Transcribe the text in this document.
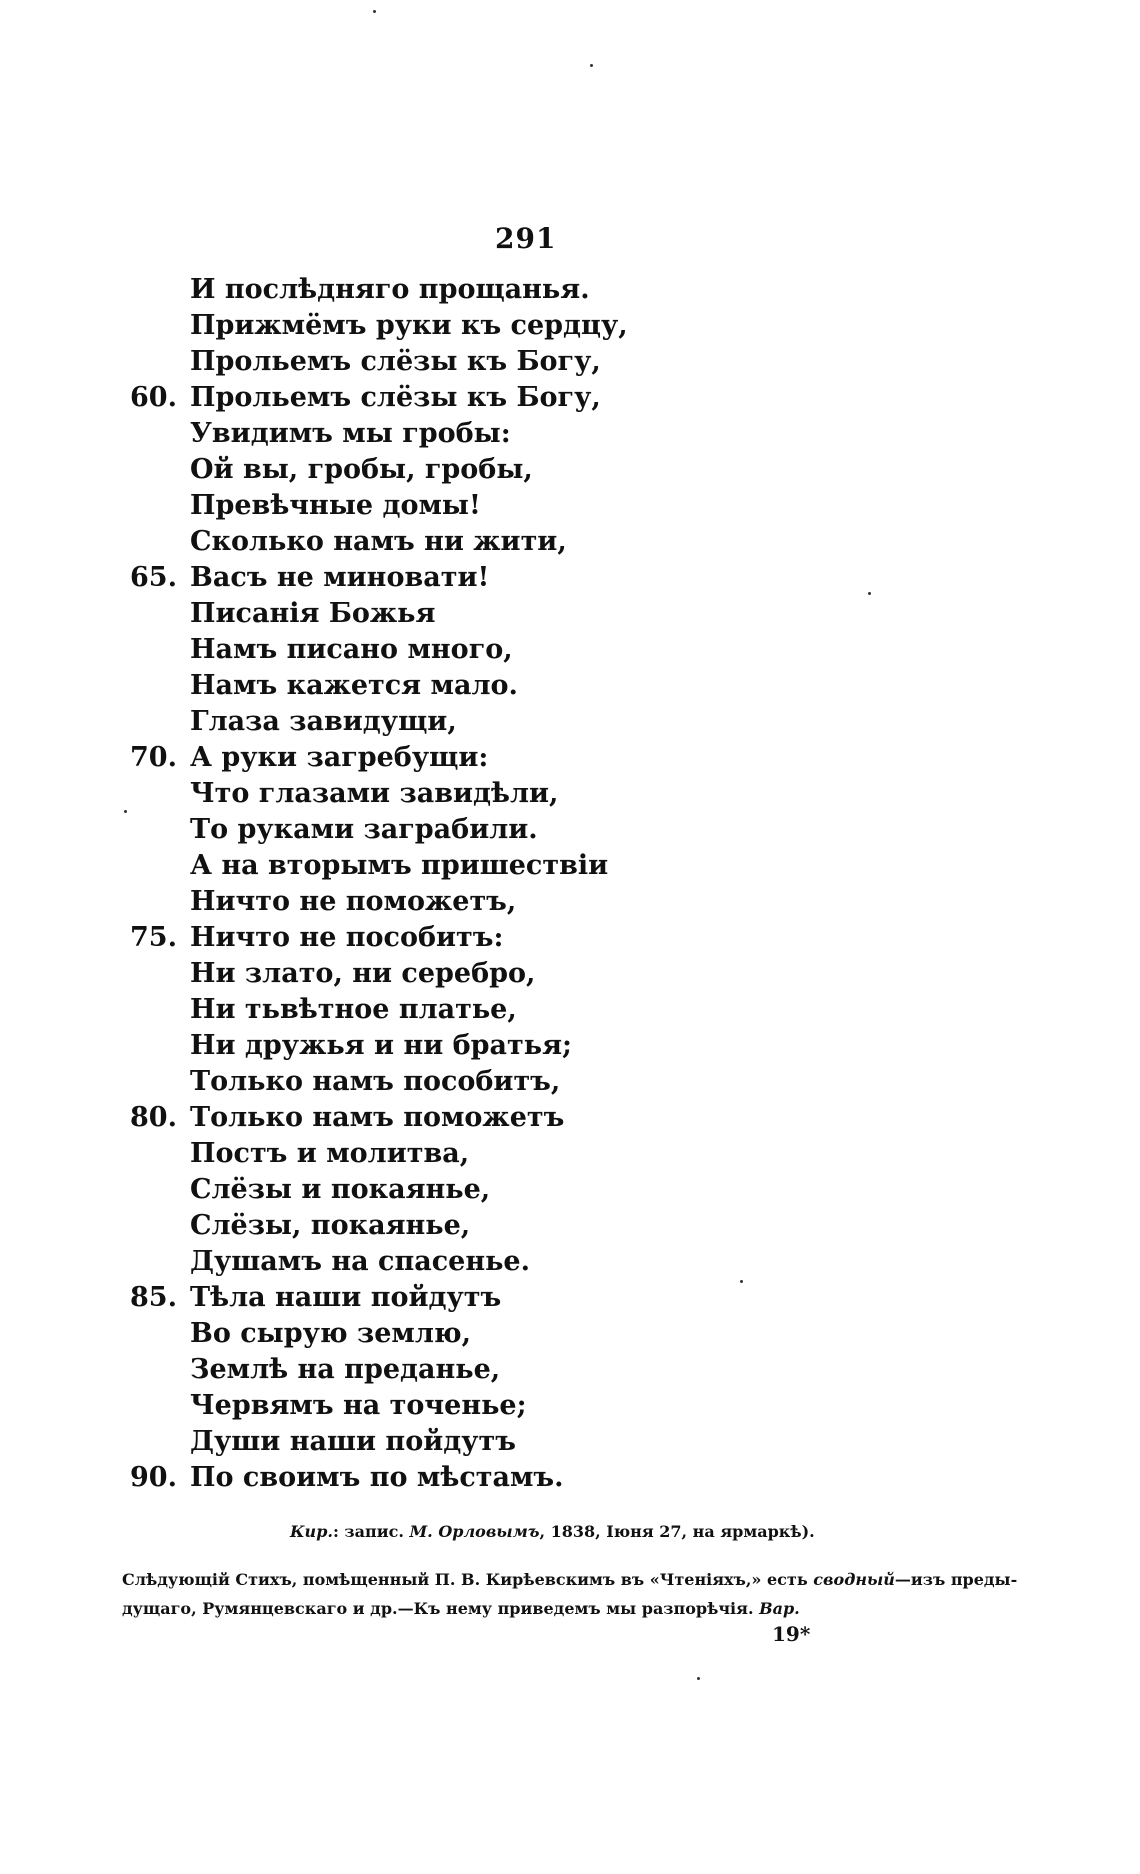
291
И послѣдняго прощанья.
Прижмёмъ руки къ сердцу,
Прольемъ слёзы къ Богу,
60. Прольемъ слёзы къ Богу,
Увидимъ мы гробы:
Ой вы, гробы, гробы,
Превѣчные домы!
Сколько намъ ни жити,
65. Васъ не миновати!
Писанія Божья
Намъ писано много,
Намъ кажется мало.
Глаза завидущи,
70. А руки загребущи:
Что глазами завидѣли,
То руками заграбили.
А на вторымъ пришествіи
Ничто не поможетъ,
75. Ничто не пособитъ:
Ни злато, ни серебро,
Ни тьвѣтное платье,
Ни дружья и ни братья;
Только намъ пособитъ,
80. Только намъ поможетъ
Постъ и молитва,
Слёзы и покаянье,
Слёзы, покаянье,
Душамъ на спасенье.
85. Тѣла наши пойдутъ
Во сырую землю,
Землѣ на преданье,
Червямъ на точенье;
Души наши пойдутъ
90. По своимъ по мѣстамъ.
Кир.: запис. М. Орловымъ, 1838, Іюня 27, на ярмаркѣ).

Слѣдующій Стихъ, помѣщенный П. В. Кирѣевскимъ въ «Чтеніяхъ,» есть сводный—изъ преды-

дущаго, Румянцевскаго и др.—Къ нему приведемъ мы разпорѣчія. Вар.

19*
